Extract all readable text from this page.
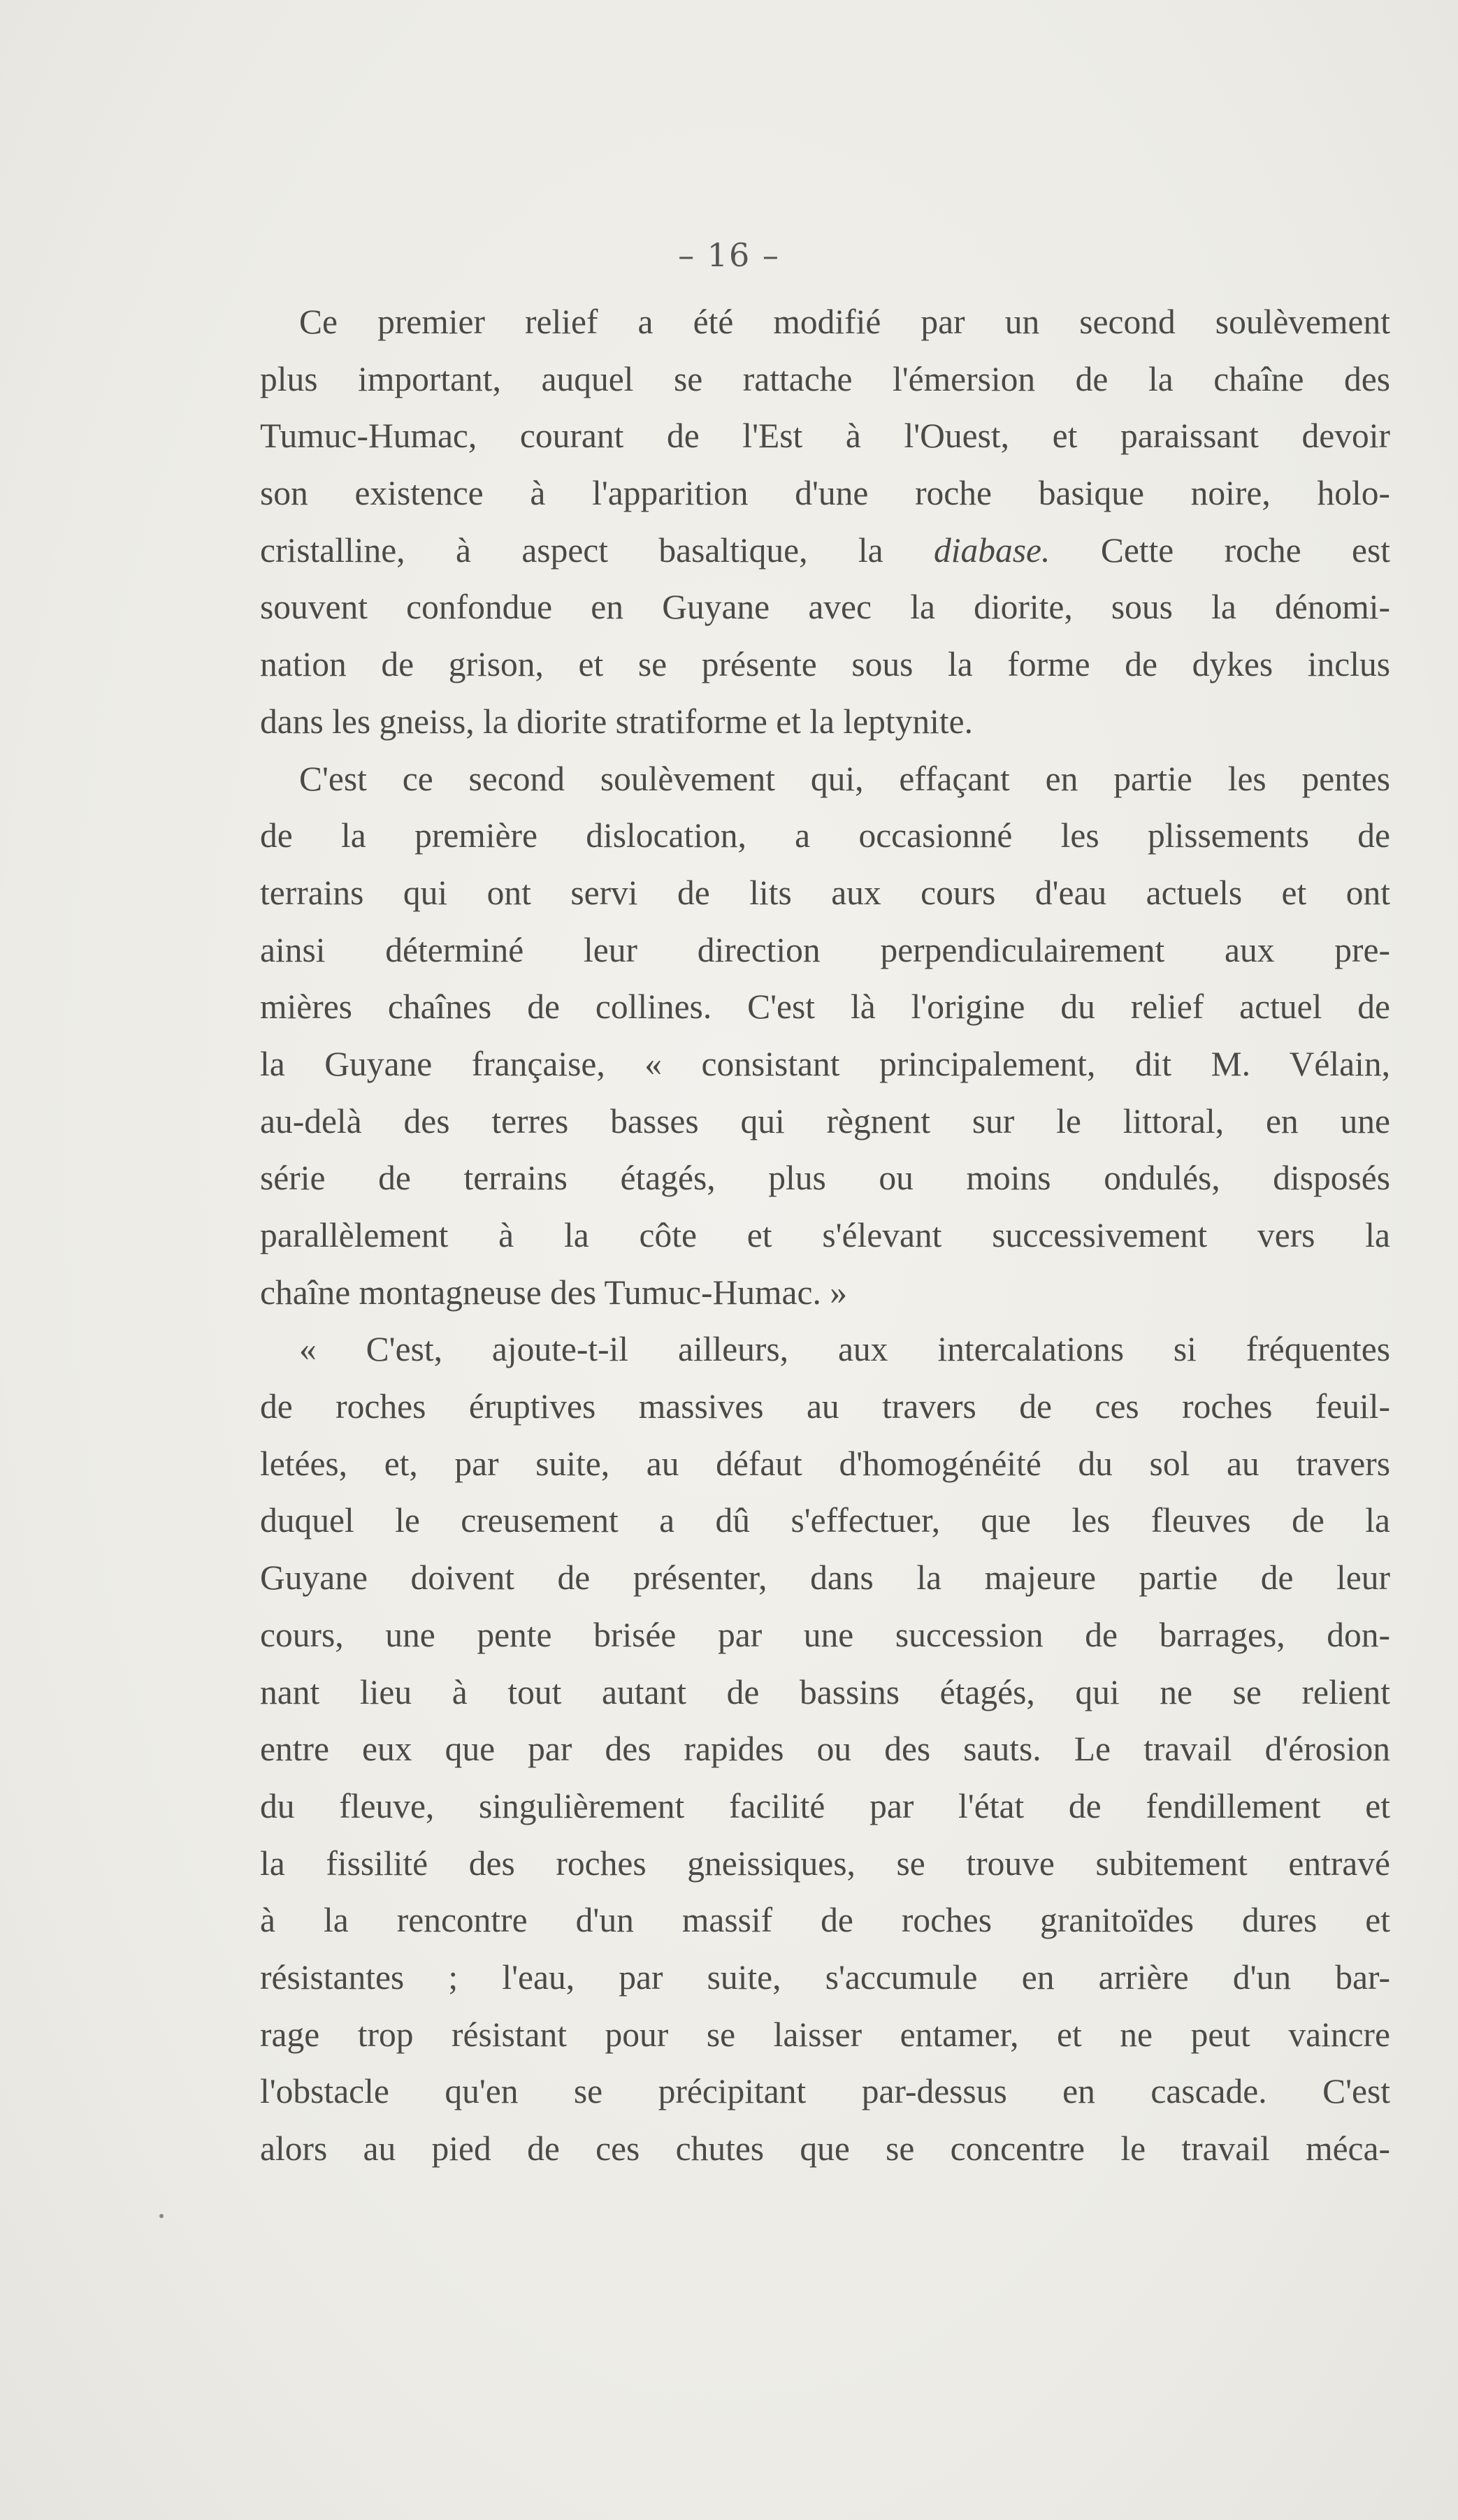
– 16 –
Ce premier relief a été modifié par un second soulèvement
plus important, auquel se rattache l'émersion de la chaîne des
Tumuc-Humac, courant de l'Est à l'Ouest, et paraissant devoir
son existence à l'apparition d'une roche basique noire, holo-
cristalline, à aspect basaltique, la diabase. Cette roche est
souvent confondue en Guyane avec la diorite, sous la dénomi-
nation de grison, et se présente sous la forme de dykes inclus
dans les gneiss, la diorite stratiforme et la leptynite.
C'est ce second soulèvement qui, effaçant en partie les pentes
de la première dislocation, a occasionné les plissements de
terrains qui ont servi de lits aux cours d'eau actuels et ont
ainsi déterminé leur direction perpendiculairement aux pre-
mières chaînes de collines. C'est là l'origine du relief actuel de
la Guyane française, « consistant principalement, dit M. Vélain,
au-delà des terres basses qui règnent sur le littoral, en une
série de terrains étagés, plus ou moins ondulés, disposés
parallèlement à la côte et s'élevant successivement vers la
chaîne montagneuse des Tumuc-Humac. »
« C'est, ajoute-t-il ailleurs, aux intercalations si fréquentes
de roches éruptives massives au travers de ces roches feuil-
letées, et, par suite, au défaut d'homogénéité du sol au travers
duquel le creusement a dû s'effectuer, que les fleuves de la
Guyane doivent de présenter, dans la majeure partie de leur
cours, une pente brisée par une succession de barrages, don-
nant lieu à tout autant de bassins étagés, qui ne se relient
entre eux que par des rapides ou des sauts. Le travail d'érosion
du fleuve, singulièrement facilité par l'état de fendillement et
la fissilité des roches gneissiques, se trouve subitement entravé
à la rencontre d'un massif de roches granitoïdes dures et
résistantes ; l'eau, par suite, s'accumule en arrière d'un bar-
rage trop résistant pour se laisser entamer, et ne peut vaincre
l'obstacle qu'en se précipitant par-dessus en cascade. C'est
alors au pied de ces chutes que se concentre le travail méca-
